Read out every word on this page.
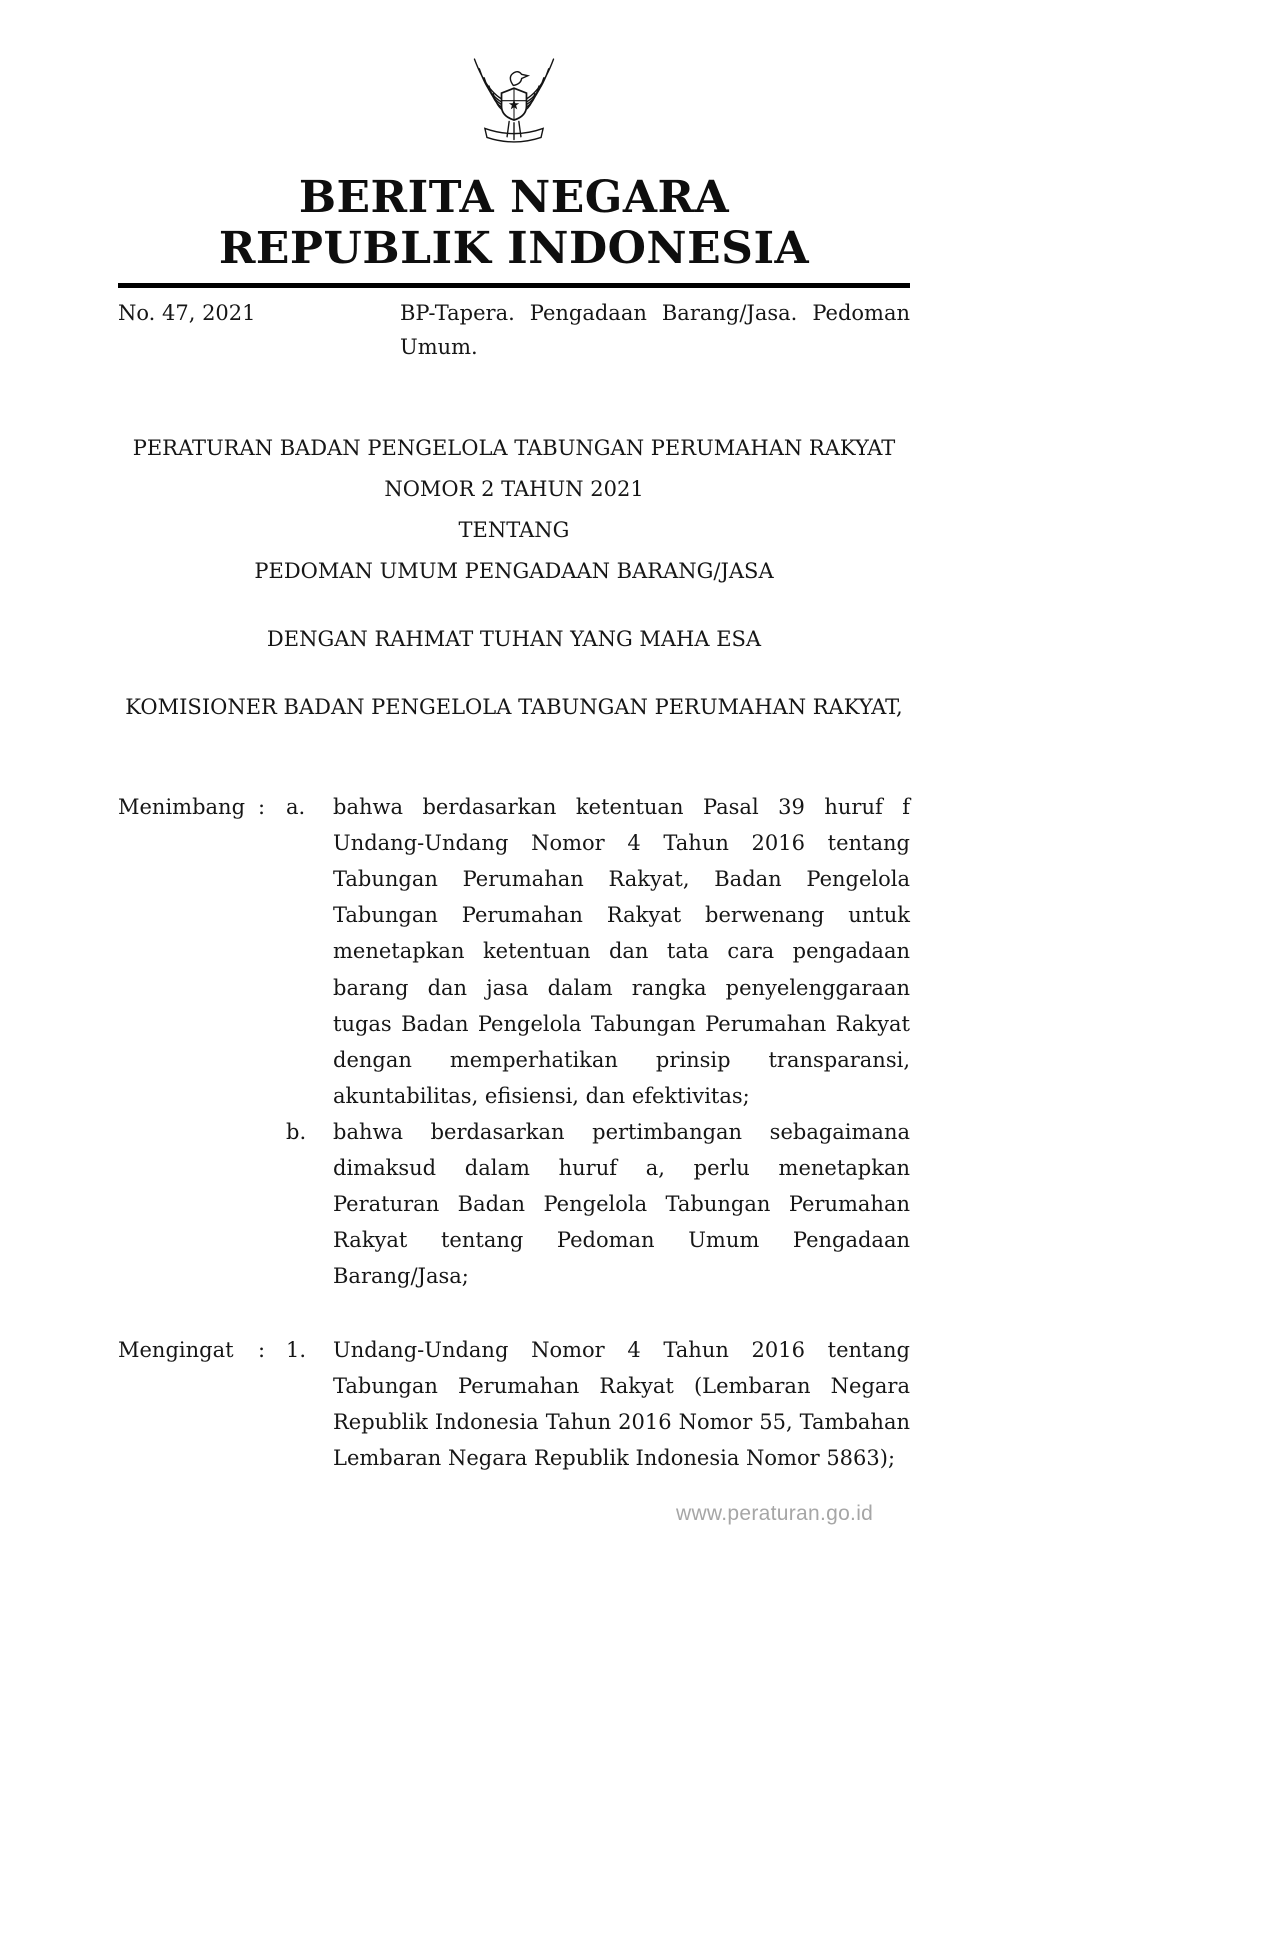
BERITA NEGARA
REPUBLIK INDONESIA
No. 47, 2021	BP-Tapera. Pengadaan Barang/Jasa. Pedoman Umum.
PERATURAN BADAN PENGELOLA TABUNGAN PERUMAHAN RAKYAT
NOMOR 2 TAHUN 2021
TENTANG
PEDOMAN UMUM PENGADAAN BARANG/JASA
DENGAN RAHMAT TUHAN YANG MAHA ESA
KOMISIONER BADAN PENGELOLA TABUNGAN PERUMAHAN RAKYAT,
Menimbang : a.	bahwa berdasarkan ketentuan Pasal 39 huruf f Undang-Undang Nomor 4 Tahun 2016 tentang Tabungan Perumahan Rakyat, Badan Pengelola Tabungan Perumahan Rakyat berwenang untuk menetapkan ketentuan dan tata cara pengadaan barang dan jasa dalam rangka penyelenggaraan tugas Badan Pengelola Tabungan Perumahan Rakyat dengan memperhatikan prinsip transparansi, akuntabilitas, efisiensi, dan efektivitas;

b.	bahwa berdasarkan pertimbangan sebagaimana dimaksud dalam huruf a, perlu menetapkan Peraturan Badan Pengelola Tabungan Perumahan Rakyat tentang Pedoman Umum Pengadaan Barang/Jasa;

Mengingat	: 1.	Undang-Undang Nomor 4 Tahun 2016 tentang Tabungan Perumahan Rakyat (Lembaran Negara Republik Indonesia Tahun 2016 Nomor 55, Tambahan Lembaran Negara Republik Indonesia Nomor 5863);

www.peraturan.go.id
